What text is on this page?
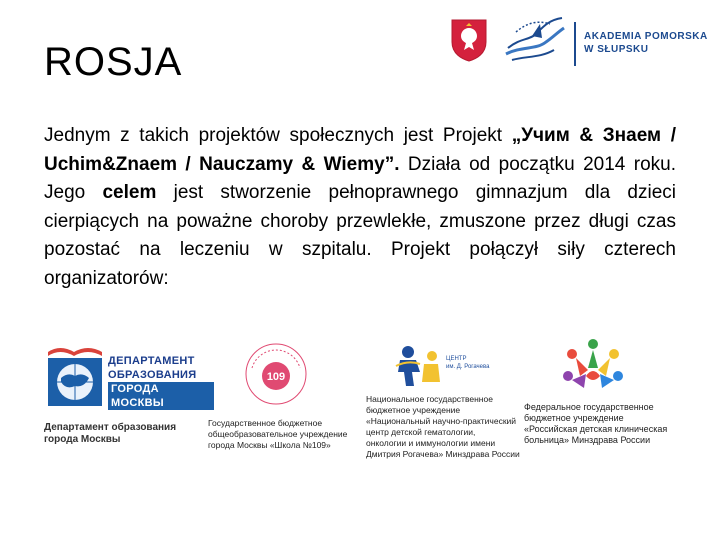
ROSJA
AKADEMIA POMORSKA
W SŁUPSKU

Jednym z takich projektów społecznych jest Projekt „Учим & Знаем / Uchim&Znaem / Nauczamy & Wiemy”. Działa od początku 2014 roku. Jego celem jest stworzenie pełnoprawnego gimnazjum dla dzieci cierpiących na poważne choroby przewlekłe, zmuszone przez długi czas pozostać na leczeniu w szpitalu. Projekt połączył siły czterech organizatorów:

ДЕПАРТАМЕНТ
ОБРАЗОВАНИЯ
ГОРОДА МОСКВЫ
Департамент образования
города Москвы
109
Государственное бюджетное
общеобразовательное учреждение
города Москвы «Школа №109»
ЦЕНТР
им. Д. Рогачева
Национальное государственное
бюджетное учреждение
«Национальный научно-практический
центр детской гематологии,
онкологии и иммунологии имени
Дмитрия Рогачева» Минздрава России
Федеральное государственное
бюджетное учреждение
«Российская детская клиническая
больница» Минздрава России
